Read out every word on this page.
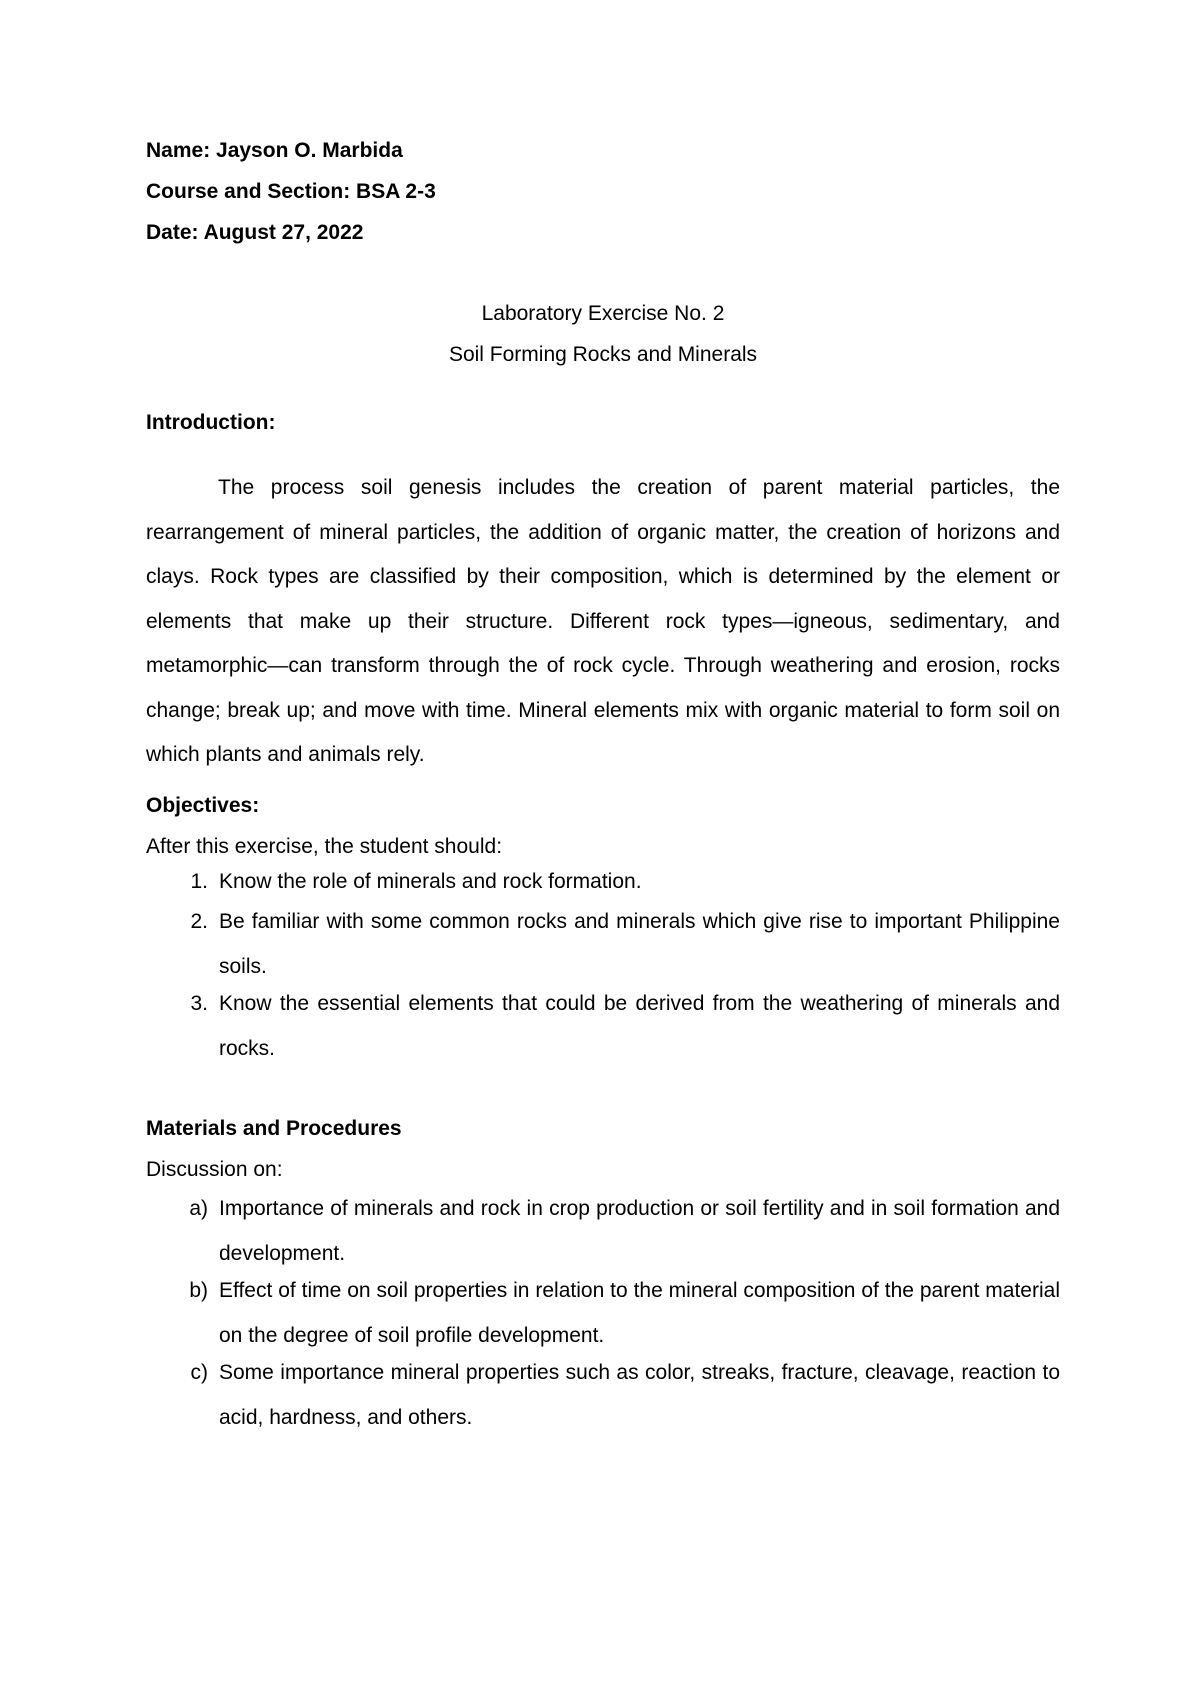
Name: Jayson O. Marbida
Course and Section: BSA 2-3
Date: August 27, 2022
Laboratory Exercise No. 2
Soil Forming Rocks and Minerals
Introduction:
The process soil genesis includes the creation of parent material particles, the rearrangement of mineral particles, the addition of organic matter, the creation of horizons and clays. Rock types are classified by their composition, which is determined by the element or elements that make up their structure. Different rock types—igneous, sedimentary, and metamorphic—can transform through the of rock cycle. Through weathering and erosion, rocks change; break up; and move with time. Mineral elements mix with organic material to form soil on which plants and animals rely.
Objectives:
After this exercise, the student should:
1. Know the role of minerals and rock formation.
2. Be familiar with some common rocks and minerals which give rise to important Philippine soils.
3. Know the essential elements that could be derived from the weathering of minerals and rocks.
Materials and Procedures
Discussion on:
a) Importance of minerals and rock in crop production or soil fertility and in soil formation and development.
b) Effect of time on soil properties in relation to the mineral composition of the parent material on the degree of soil profile development.
c) Some importance mineral properties such as color, streaks, fracture, cleavage, reaction to acid, hardness, and others.
